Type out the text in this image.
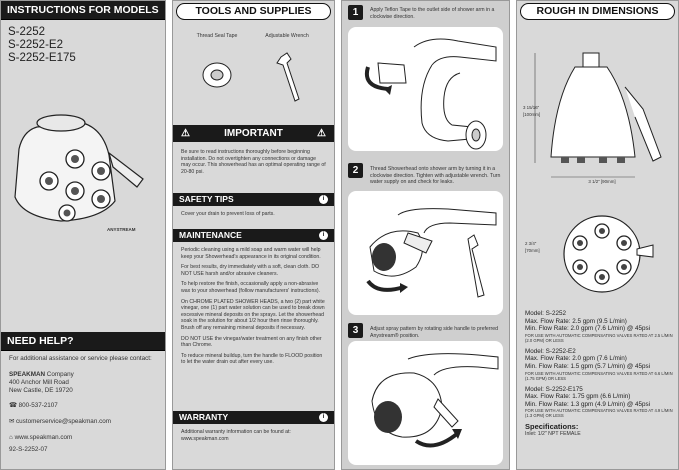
INSTRUCTIONS FOR MODELS
S-2252
S-2252-E2
S-2252-E175
ANYSTREAM
NEED HELP?
For additional assistance or service please contact:
SPEAKMAN Company
400 Anchor Mill Road
New Castle, DE 19720
☎ 800-537-2107
✉ customerservice@speakman.com
⌂ www.speakman.com
92-S-2252-07
TOOLS AND SUPPLIES
Thread Seal Tape	Adjustable Wrench
⚠	IMPORTANT	⚠
Be sure to read instructions thoroughly before beginning installation. Do not overtighten any connections or damage may occur. This showerhead has an optimal operating range of 20-80 psi.
SAFETY TIPS	i
Cover your drain to prevent loss of parts.
MAINTENANCE	i

Periodic cleaning using a mild soap and warm water will help keep your Showerhead's appearance in its original condition.

For best results, dry immediately with a soft, clean cloth. DO NOT USE harsh and/or abrasive cleaners.

To help restore the finish, occasionally apply a non-abrasive wax to your showerhead (follow manufacturers' instructions).

On CHROME PLATED SHOWER HEADS, a two (2) part white vinegar, one (1) part water solution can be used to break down excessive mineral deposits on the sprays. Let the showerhead soak in the solution for about 1/2 hour then rinse thoroughly. Brush off any remaining mineral deposits if necessary.

DO NOT USE the vinegar/water treatment on any finish other than Chrome.

To reduce mineral buildup, turn the handle to FLOOD position to let the water drain out after every use.

WARRANTY	i
Additional warranty information can be found at: www.speakman.com
1	Apply Teflon Tape to the outlet side of shower arm in a clockwise direction.
2	Thread Showerhead onto shower arm by turning it in a clockwise direction. Tighten with adjustable wrench. Turn water supply on and check for leaks.
3	Adjust spray pattern by rotating side handle to preferred Anystream® position.
ROUGH IN DIMENSIONS
3 15/16" [100mm]
3 1/2" [90mm]
2 3/4" [70mm]
Model: S-2252
Max. Flow Rate: 2.5 gpm (9.5 L/min)
Min. Flow Rate: 2.0 gpm (7.6 L/min) @ 45psi
FOR USE WITH AUTOMATIC COMPENSATING VALVES RATED AT 2.5 L/MIN (2.0 GPM) OR LESS
Model: S-2252-E2
Max. Flow Rate: 2.0 gpm (7.6 L/min)
Min. Flow Rate: 1.5 gpm (5.7 L/min) @ 45psi
FOR USE WITH AUTOMATIC COMPENSATING VALVES RATED AT 6.6 L/MIN (1.75 GPM) OR LESS
Model: S-2252-E175
Max. Flow Rate: 1.75 gpm (6.6 L/min)
Min. Flow Rate: 1.3 gpm (4.9 L/min) @ 45psi
FOR USE WITH AUTOMATIC COMPENSATING VALVES RATED AT 4.9 L/MIN (1.3 GPM) OR LESS
Specifications:
Inlet: 1/2" NPT FEMALE
